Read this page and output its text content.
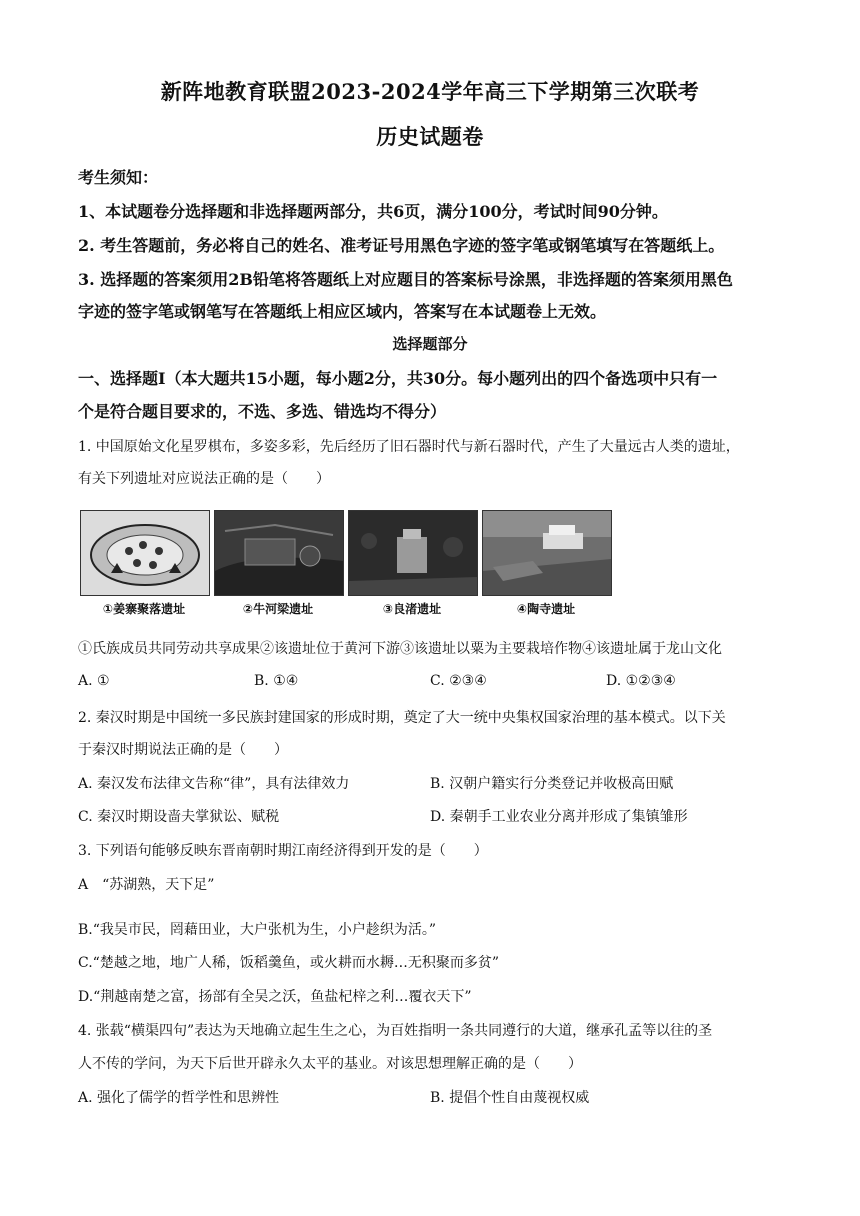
新阵地教育联盟2023-2024学年高三下学期第三次联考
历史试题卷
考生须知：
1、本试题卷分选择题和非选择题两部分，共6页，满分100分，考试时间90分钟。
2. 考生答题前，务必将自己的姓名、准考证号用黑色字迹的签字笔或钢笔填写在答题纸上。
3. 选择题的答案须用2B铅笔将答题纸上对应题目的答案标号涂黑，非选择题的答案须用黑色
字迹的签字笔或钢笔写在答题纸上相应区域内，答案写在本试题卷上无效。
选择题部分
一、选择题Ⅰ（本大题共15小题，每小题2分，共30分。每小题列出的四个备选项中只有一
个是符合题目要求的，不选、多选、错选均不得分）
1. 中国原始文化星罗棋布，多姿多彩，先后经历了旧石器时代与新石器时代，产生了大量远古人类的遗址，
有关下列遗址对应说法正确的是（　　）
①姜寨聚落遗址	②牛河梁遗址	③良渚遗址	④陶寺遗址
①氏族成员共同劳动共享成果②该遗址位于黄河下游③该遗址以粟为主要栽培作物④该遗址属于龙山文化
A. ①	B. ①④	C. ②③④	D. ①②③④
2. 秦汉时期是中国统一多民族封建国家的形成时期，奠定了大一统中央集权国家治理的基本模式。以下关
于秦汉时期说法正确的是（　　）
A. 秦汉发布法律文告称“律”，具有法律效力	B. 汉朝户籍实行分类登记并收极高田赋
C. 秦汉时期设啬夫掌狱讼、赋税	D. 秦朝手工业农业分离并形成了集镇雏形
3. 下列语句能够反映东晋南朝时期江南经济得到开发的是（　　）
A　“苏湖熟，天下足”
B.“我吴市民，罔藉田业，大户张机为生，小户趁织为活。”
C.“楚越之地，地广人稀，饭稻羹鱼，或火耕而水耨…无积聚而多贫”
D.“荆越南楚之富，扬部有全吴之沃，鱼盐杞梓之利…覆衣天下”
4. 张载“横渠四句”表达为天地确立起生生之心，为百姓指明一条共同遵行的大道，继承孔孟等以往的圣
人不传的学问，为天下后世开辟永久太平的基业。对该思想理解正确的是（　　）
A. 强化了儒学的哲学性和思辨性	B. 提倡个性自由蔑视权威
